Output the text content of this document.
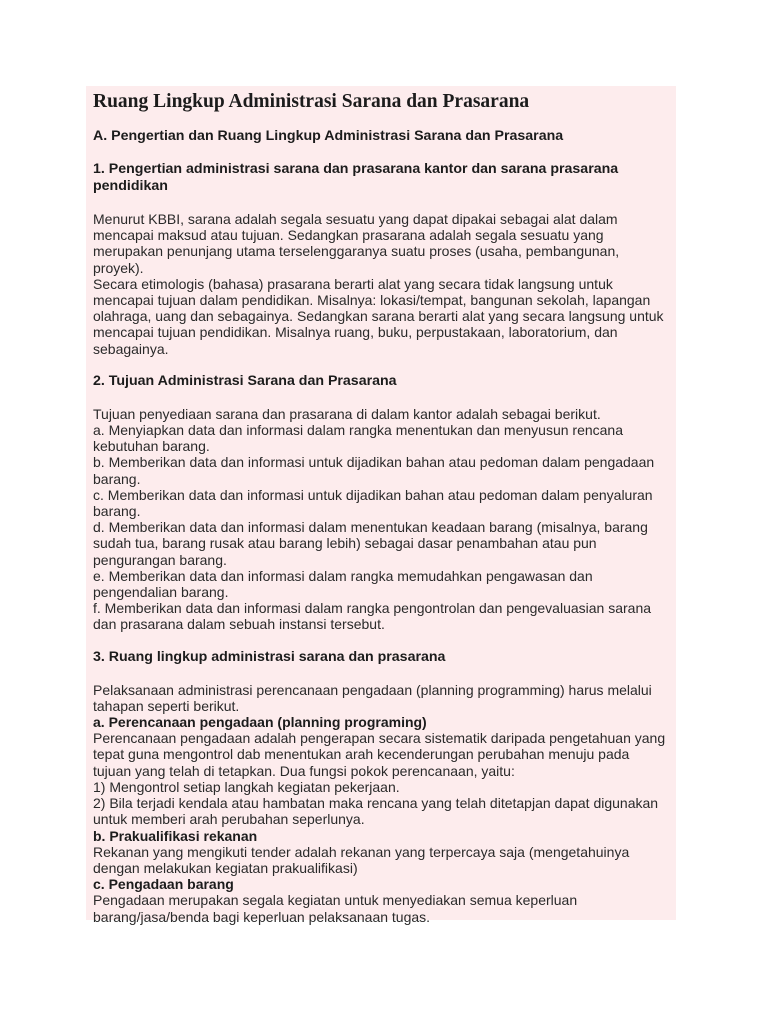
Ruang Lingkup Administrasi Sarana dan Prasarana
A. Pengertian dan Ruang Lingkup Administrasi Sarana dan Prasarana
1. Pengertian administrasi sarana dan prasarana kantor dan sarana prasarana pendidikan

Menurut KBBI, sarana adalah segala sesuatu yang dapat dipakai sebagai alat dalam mencapai maksud atau tujuan. Sedangkan prasarana adalah segala sesuatu yang merupakan penunjang utama terselenggaranya suatu proses (usaha, pembangunan, proyek).

Secara etimologis (bahasa) prasarana berarti alat yang secara tidak langsung untuk mencapai tujuan dalam pendidikan. Misalnya: lokasi/tempat, bangunan sekolah, lapangan olahraga, uang dan sebagainya. Sedangkan sarana berarti alat yang secara langsung untuk mencapai tujuan pendidikan. Misalnya ruang, buku, perpustakaan, laboratorium, dan sebagainya.

2. Tujuan Administrasi Sarana dan Prasarana

Tujuan penyediaan sarana dan prasarana di dalam kantor adalah sebagai berikut.

a. Menyiapkan data dan informasi dalam rangka menentukan dan menyusun rencana kebutuhan barang.

b. Memberikan data dan informasi untuk dijadikan bahan atau pedoman dalam pengadaan barang.

c. Memberikan data dan informasi untuk dijadikan bahan atau pedoman dalam penyaluran barang.

d. Memberikan data dan informasi dalam menentukan keadaan barang (misalnya, barang sudah tua, barang rusak atau barang lebih) sebagai dasar penambahan atau pun pengurangan barang.

e. Memberikan data dan informasi dalam rangka memudahkan pengawasan dan pengendalian barang.

f. Memberikan data dan informasi dalam rangka pengontrolan dan pengevaluasian sarana dan prasarana dalam sebuah instansi tersebut.

3. Ruang lingkup administrasi sarana dan prasarana

Pelaksanaan administrasi perencanaan pengadaan (planning programming) harus melalui tahapan seperti berikut.

a. Perencanaan pengadaan (planning programing)

Perencanaan pengadaan adalah pengerapan secara sistematik daripada pengetahuan yang tepat guna mengontrol dab menentukan arah kecenderungan perubahan menuju pada tujuan yang telah di tetapkan. Dua fungsi pokok perencanaan, yaitu:

1) Mengontrol setiap langkah kegiatan pekerjaan.

2) Bila terjadi kendala atau hambatan maka rencana yang telah ditetapjan dapat digunakan untuk memberi arah perubahan seperlunya.

b. Prakualifikasi rekanan

Rekanan yang mengikuti tender adalah rekanan yang terpercaya saja (mengetahuinya dengan melakukan kegiatan prakualifikasi)

c. Pengadaan barang

Pengadaan merupakan segala kegiatan untuk menyediakan semua keperluan barang/jasa/benda bagi keperluan pelaksanaan tugas.
